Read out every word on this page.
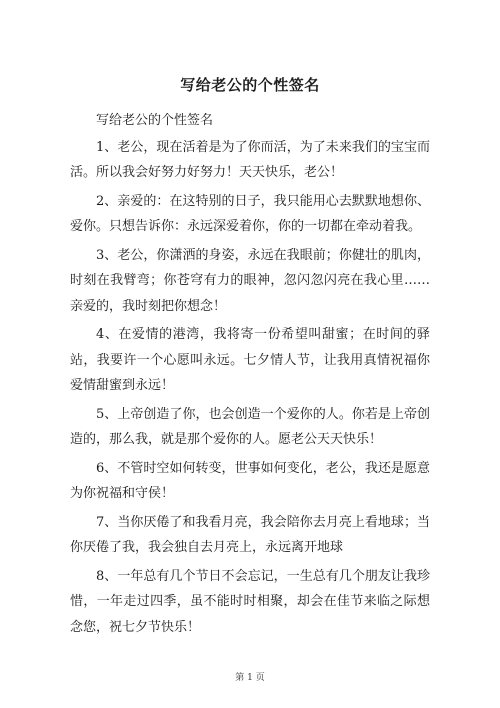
写给老公的个性签名

写给老公的个性签名

1、老公，现在活着是为了你而活，为了未来我们的宝宝而活。所以我会好努力好努力！天天快乐，老公！

2、亲爱的：在这特别的日子，我只能用心去默默地想你、爱你。只想告诉你：永远深爱着你，你的一切都在牵动着我。

3、老公，你潇洒的身姿，永远在我眼前；你健壮的肌肉，时刻在我臂弯；你苍穹有力的眼神，忽闪忽闪亮在我心里……亲爱的，我时刻把你想念！

4、在爱情的港湾，我将寄一份希望叫甜蜜；在时间的驿站，我要许一个心愿叫永远。七夕情人节，让我用真情祝福你爱情甜蜜到永远！

5、上帝创造了你，也会创造一个爱你的人。你若是上帝创造的，那么我，就是那个爱你的人。愿老公天天快乐！

6、不管时空如何转变，世事如何变化，老公，我还是愿意为你祝福和守侯！

7、当你厌倦了和我看月亮，我会陪你去月亮上看地球；当你厌倦了我，我会独自去月亮上，永远离开地球

8、一年总有几个节日不会忘记，一生总有几个朋友让我珍惜，一年走过四季，虽不能时时相聚，却会在佳节来临之际想念您，祝七夕节快乐！

第 1 页
